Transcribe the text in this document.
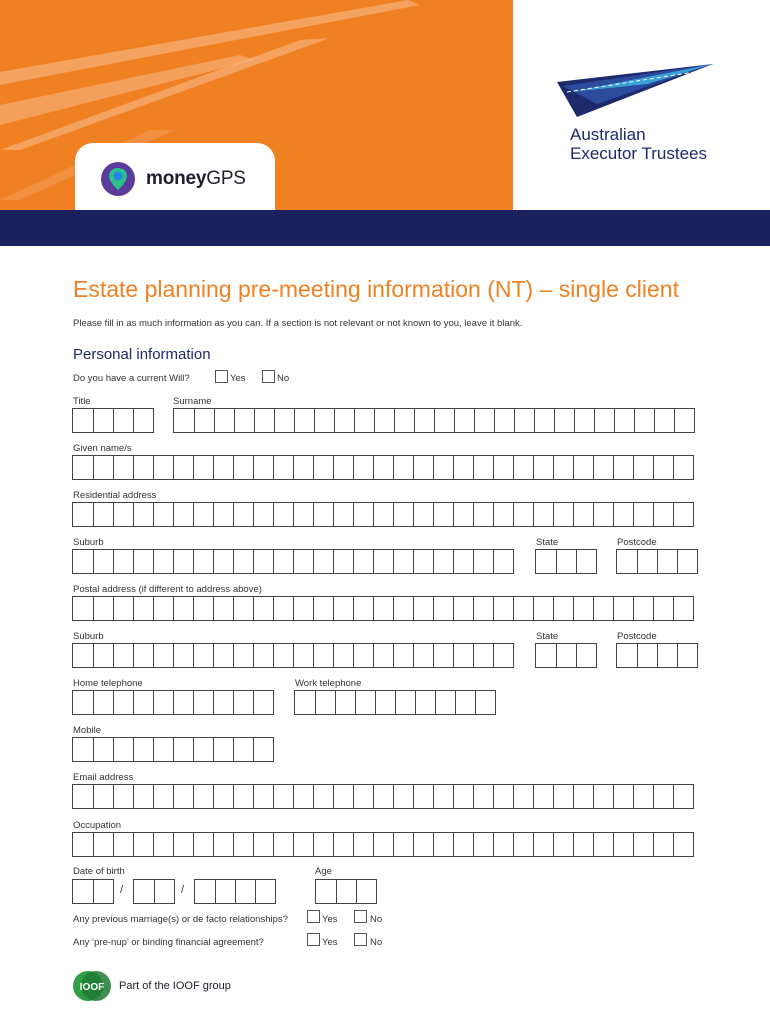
moneyGPS
Australian
Executor Trustees
Estate planning pre-meeting information (NT) – single client
Please fill in as much information as you can. If a section is not relevant or not known to you, leave it blank.
Personal information
Do you have a current Will?	Yes	No
Title	Surname
Given name/s
Residential address
Suburb	State	Postcode
Postal address (if different to address above)
Suburb	State	Postcode
Home telephone	Work telephone
Mobile
Email address
Occupation
Date of birth	Age
/	/
Any previous marriage(s) or de facto relationships?	Yes	No
Any ‘pre-nup’ or binding financial agreement?	Yes	No
IOOF Part of the IOOF group
